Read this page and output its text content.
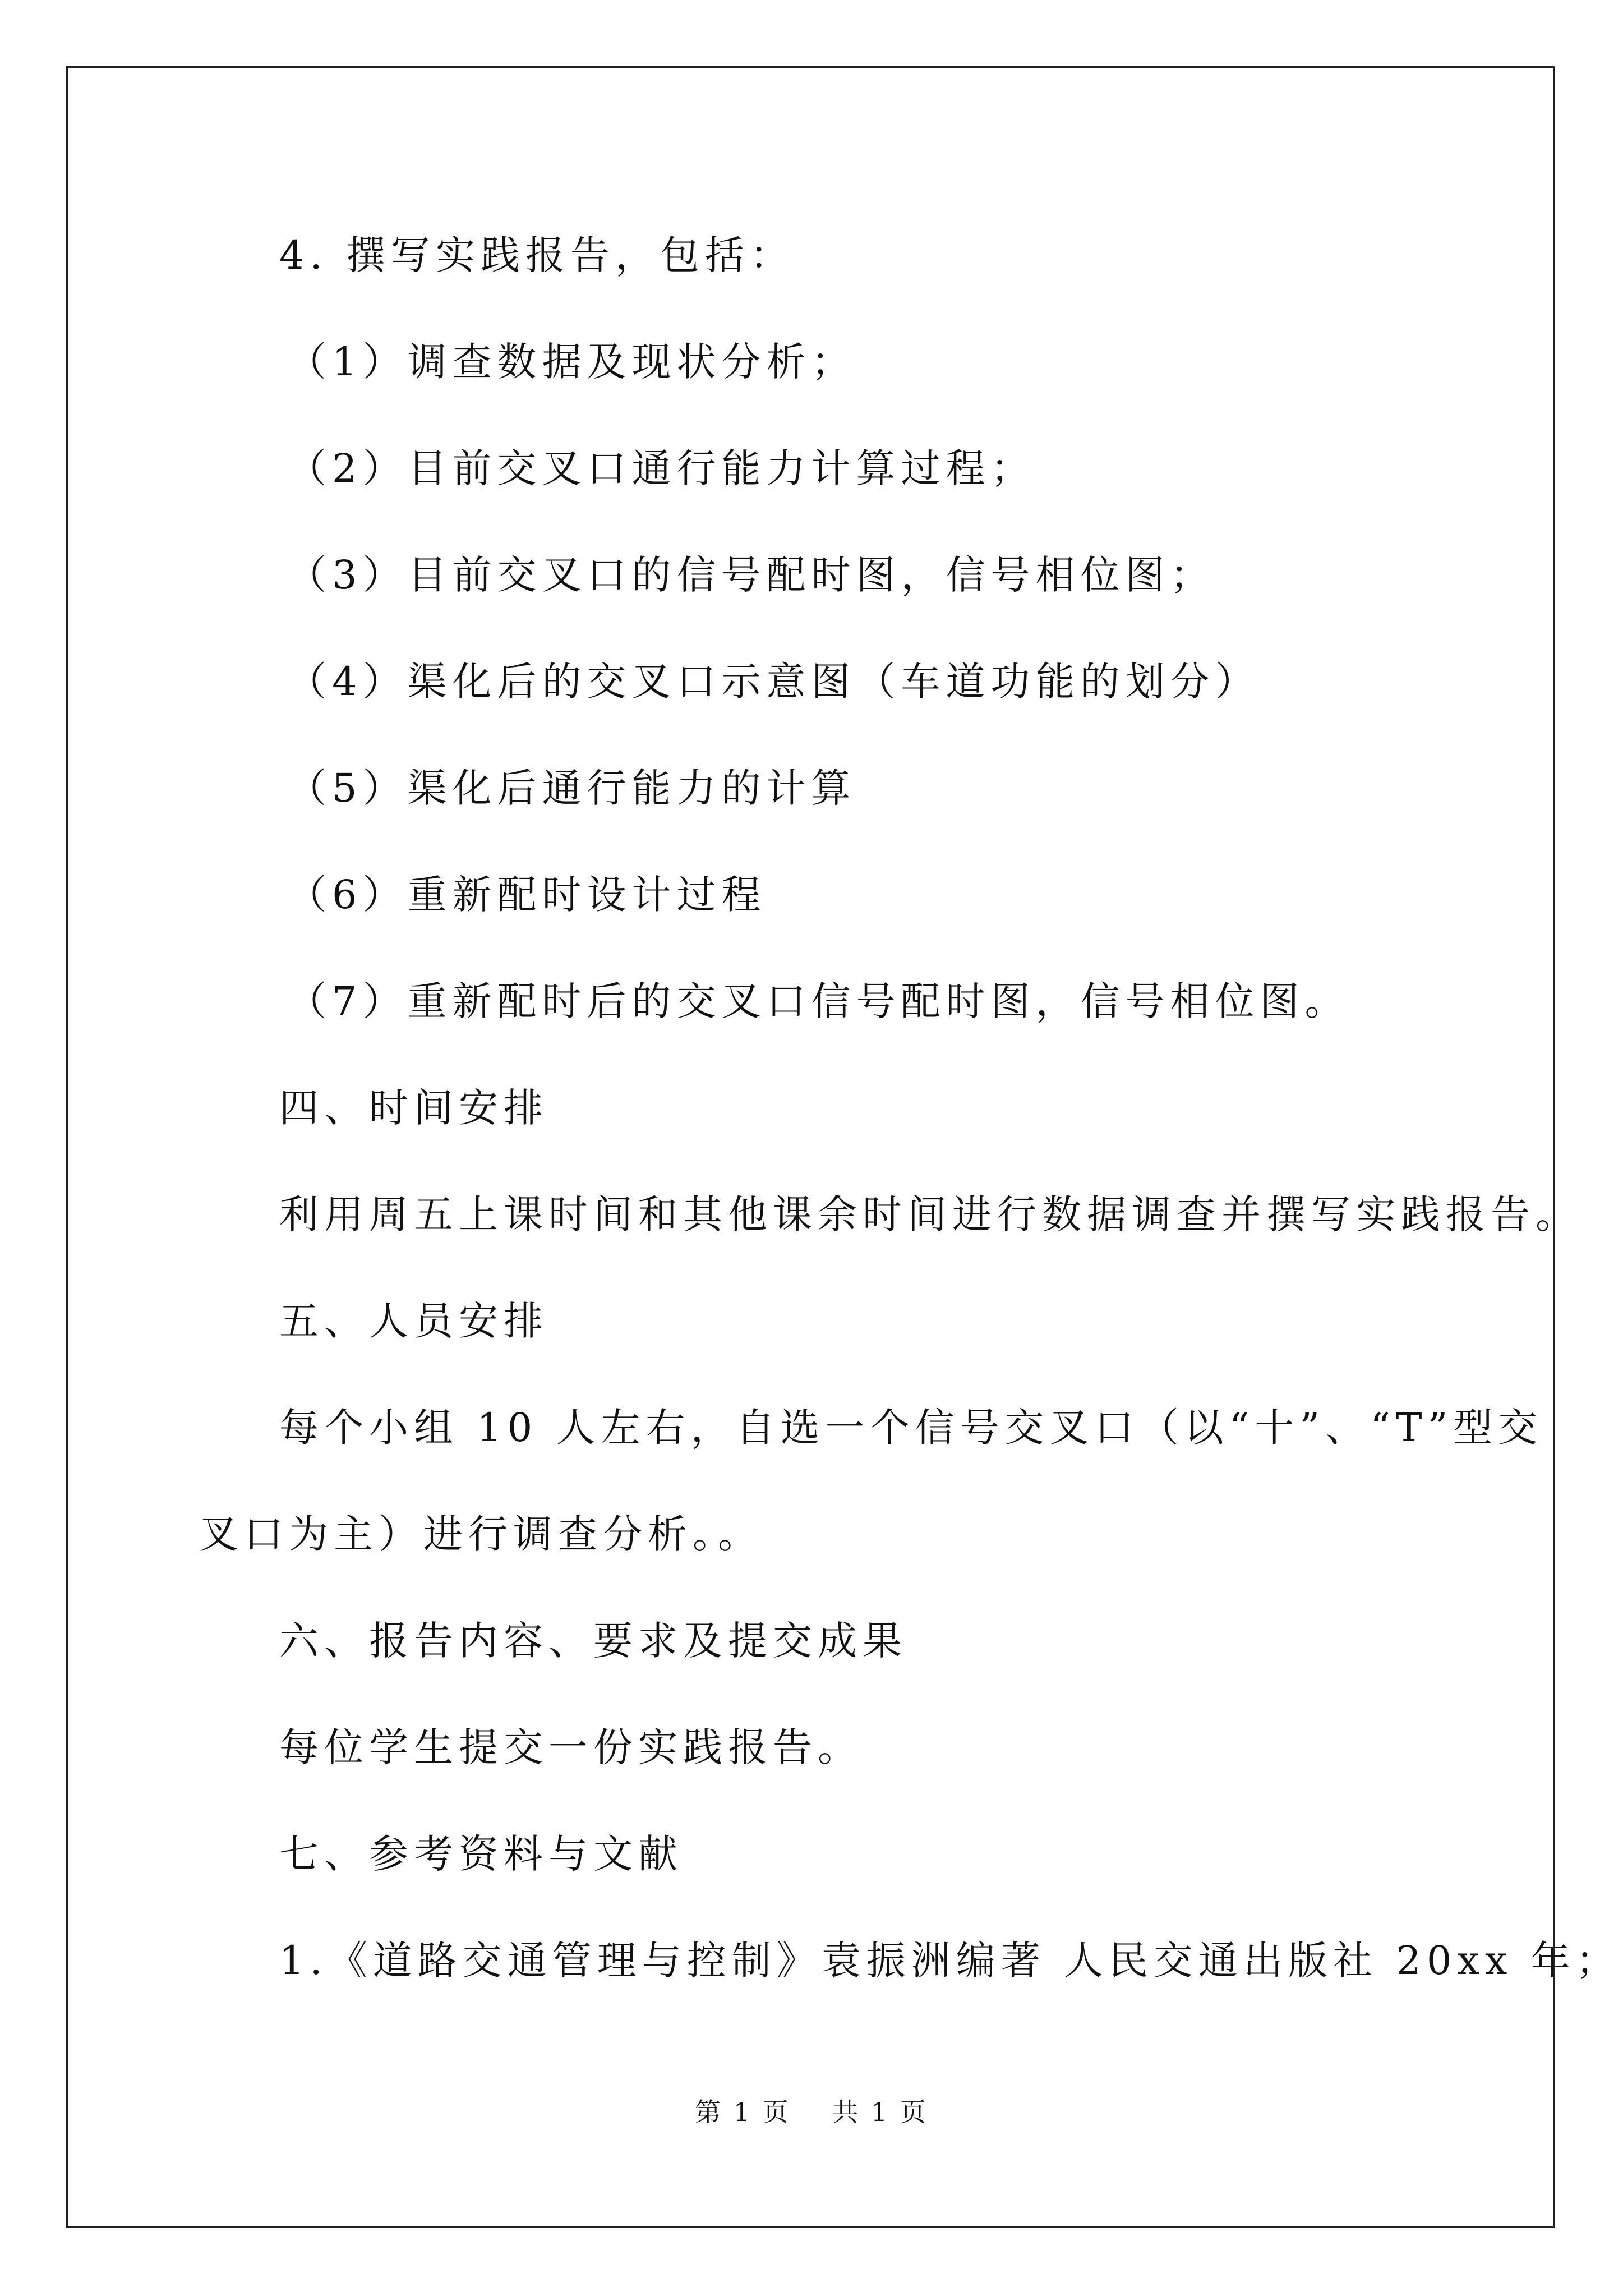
4. 撰写实践报告，包括：
（1）调查数据及现状分析；
（2）目前交叉口通行能力计算过程；
（3）目前交叉口的信号配时图，信号相位图；
（4）渠化后的交叉口示意图（车道功能的划分）
（5）渠化后通行能力的计算
（6）重新配时设计过程
（7）重新配时后的交叉口信号配时图，信号相位图。
四、时间安排
利用周五上课时间和其他课余时间进行数据调查并撰写实践报告。
五、人员安排
每个小组 10 人左右，自选一个信号交叉口（以“十”、“T”型交
叉口为主）进行调查分析。。
六、报告内容、要求及提交成果
每位学生提交一份实践报告。
七、参考资料与文献
1.《道路交通管理与控制》袁振洲编著 人民交通出版社 20xx 年；
第 1 页    共 1 页
